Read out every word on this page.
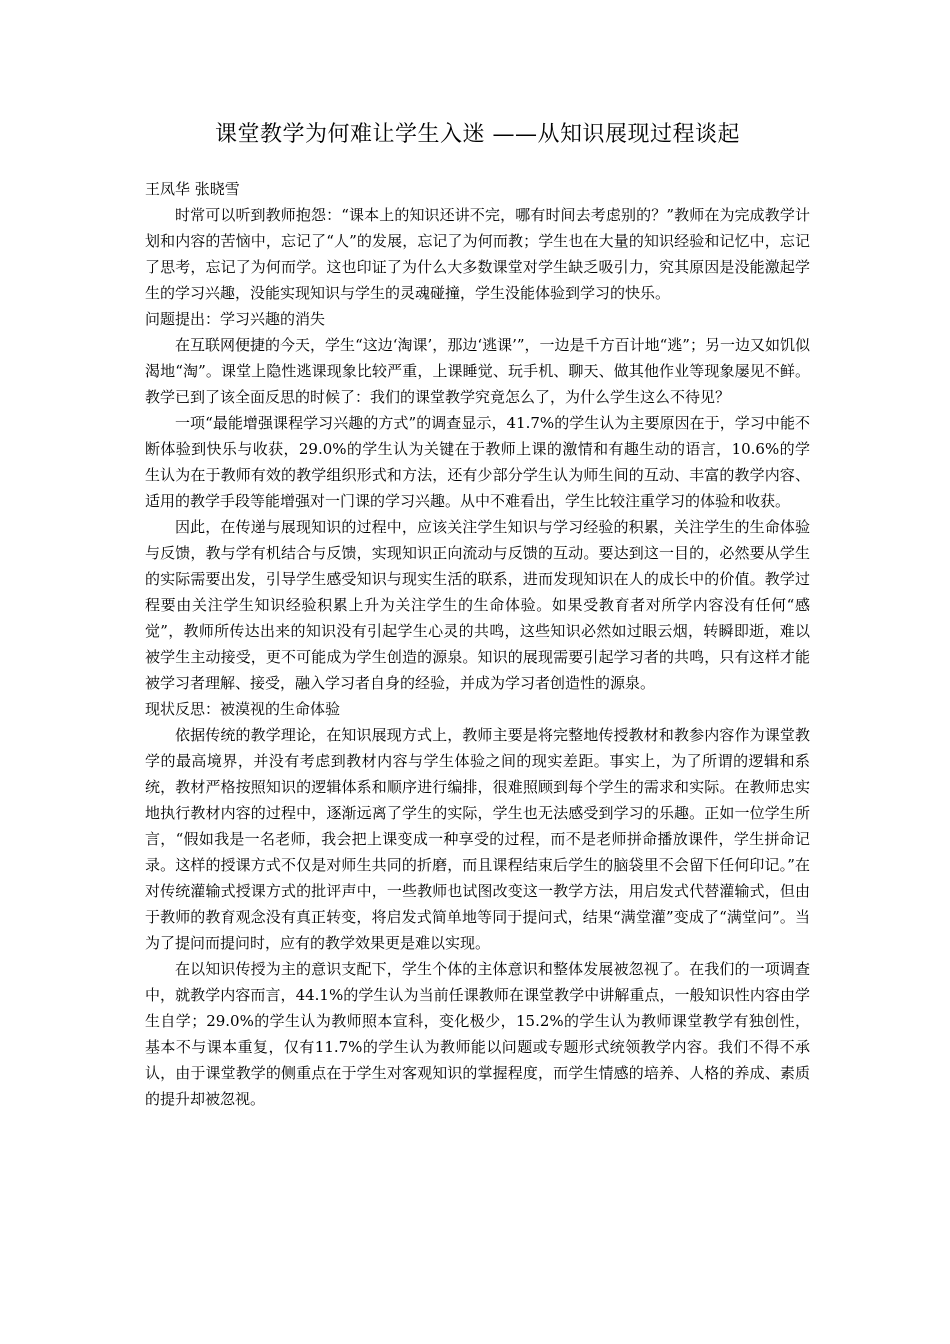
课堂教学为何难让学生入迷 ——从知识展现过程谈起

王凤华 张晓雪

时常可以听到教师抱怨：“课本上的知识还讲不完，哪有时间去考虑别的？”教师在为完成教学计划和内容的苦恼中，忘记了“人”的发展，忘记了为何而教；学生也在大量的知识经验和记忆中，忘记了思考，忘记了为何而学。这也印证了为什么大多数课堂对学生缺乏吸引力，究其原因是没能激起学生的学习兴趣，没能实现知识与学生的灵魂碰撞，学生没能体验到学习的快乐。

问题提出：学习兴趣的消失

在互联网便捷的今天，学生“这边‘淘课’，那边‘逃课’”，一边是千方百计地“逃”；另一边又如饥似渴地“淘”。课堂上隐性逃课现象比较严重，上课睡觉、玩手机、聊天、做其他作业等现象屡见不鲜。教学已到了该全面反思的时候了：我们的课堂教学究竟怎么了，为什么学生这么不待见？

一项“最能增强课程学习兴趣的方式”的调查显示，41.7%的学生认为主要原因在于，学习中能不断体验到快乐与收获，29.0%的学生认为关键在于教师上课的激情和有趣生动的语言，10.6%的学生认为在于教师有效的教学组织形式和方法，还有少部分学生认为师生间的互动、丰富的教学内容、适用的教学手段等能增强对一门课的学习兴趣。从中不难看出，学生比较注重学习的体验和收获。

因此，在传递与展现知识的过程中，应该关注学生知识与学习经验的积累，关注学生的生命体验与反馈，教与学有机结合与反馈，实现知识正向流动与反馈的互动。要达到这一目的，必然要从学生的实际需要出发，引导学生感受知识与现实生活的联系，进而发现知识在人的成长中的价值。教学过程要由关注学生知识经验积累上升为关注学生的生命体验。如果受教育者对所学内容没有任何“感觉”，教师所传达出来的知识没有引起学生心灵的共鸣，这些知识必然如过眼云烟，转瞬即逝，难以被学生主动接受，更不可能成为学生创造的源泉。知识的展现需要引起学习者的共鸣，只有这样才能被学习者理解、接受，融入学习者自身的经验，并成为学习者创造性的源泉。

现状反思：被漠视的生命体验

依据传统的教学理论，在知识展现方式上，教师主要是将完整地传授教材和教参内容作为课堂教学的最高境界，并没有考虑到教材内容与学生体验之间的现实差距。事实上，为了所谓的逻辑和系统，教材严格按照知识的逻辑体系和顺序进行编排，很难照顾到每个学生的需求和实际。在教师忠实地执行教材内容的过程中，逐渐远离了学生的实际，学生也无法感受到学习的乐趣。正如一位学生所言，“假如我是一名老师，我会把上课变成一种享受的过程，而不是老师拼命播放课件，学生拼命记录。这样的授课方式不仅是对师生共同的折磨，而且课程结束后学生的脑袋里不会留下任何印记。”在对传统灌输式授课方式的批评声中，一些教师也试图改变这一教学方法，用启发式代替灌输式，但由于教师的教育观念没有真正转变，将启发式简单地等同于提问式，结果“满堂灌”变成了“满堂问”。当为了提问而提问时，应有的教学效果更是难以实现。

在以知识传授为主的意识支配下，学生个体的主体意识和整体发展被忽视了。在我们的一项调查中，就教学内容而言，44.1%的学生认为当前任课教师在课堂教学中讲解重点，一般知识性内容由学生自学；29.0%的学生认为教师照本宣科，变化极少，15.2%的学生认为教师课堂教学有独创性，基本不与课本重复，仅有11.7%的学生认为教师能以问题或专题形式统领教学内容。我们不得不承认，由于课堂教学的侧重点在于学生对客观知识的掌握程度，而学生情感的培养、人格的养成、素质的提升却被忽视。
